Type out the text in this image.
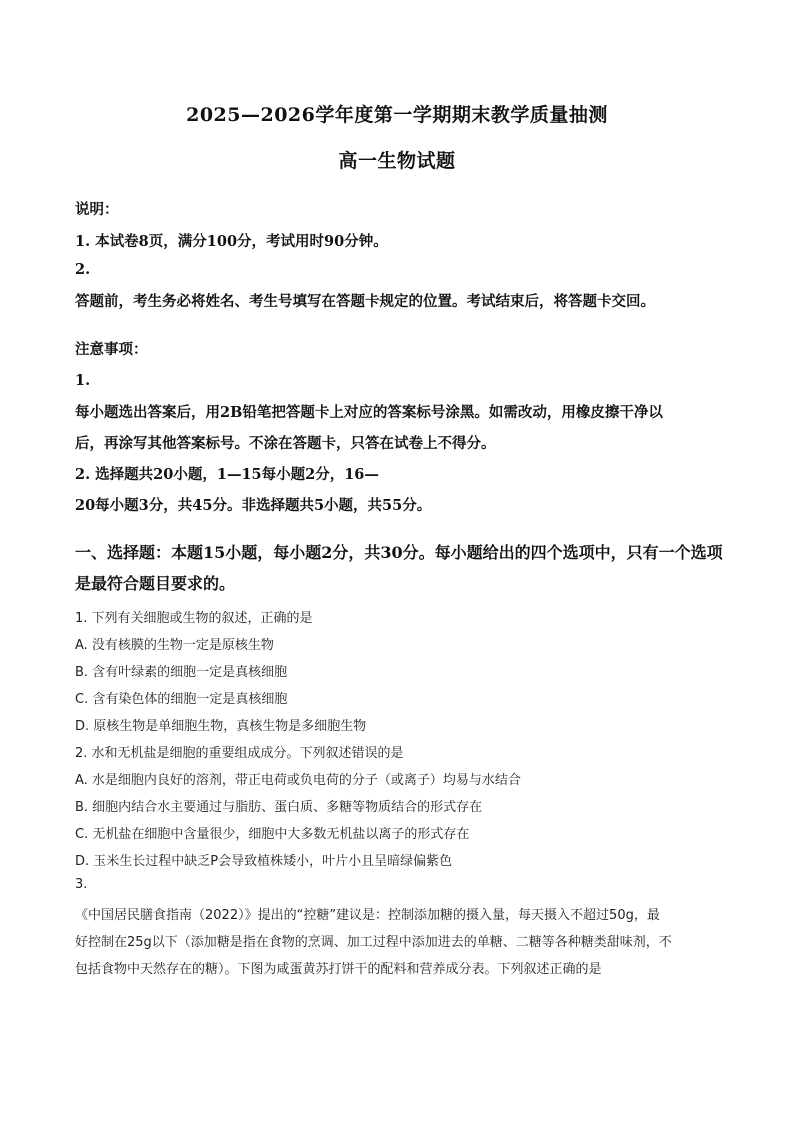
2025—2026学年度第一学期期末教学质量抽测
高一生物试题
说明：
1. 本试卷8页，满分100分，考试用时90分钟。
2.
答题前，考生务必将姓名、考生号填写在答题卡规定的位置。考试结束后，将答题卡交回。
注意事项：
1.
每小题选出答案后，用2B铅笔把答题卡上对应的答案标号涂黑。如需改动，用橡皮擦干净以
后，再涂写其他答案标号。不涂在答题卡，只答在试卷上不得分。
2. 选择题共20小题，1—15每小题2分，16—
20每小题3分，共45分。非选择题共5小题，共55分。
一、选择题：本题15小题，每小题2分，共30分。每小题给出的四个选项中，只有一个选项
是最符合题目要求的。
1. 下列有关细胞或生物的叙述，正确的是
A. 没有核膜的生物一定是原核生物
B. 含有叶绿素的细胞一定是真核细胞
C. 含有染色体的细胞一定是真核细胞
D. 原核生物是单细胞生物，真核生物是多细胞生物
2. 水和无机盐是细胞的重要组成成分。下列叙述错误的是
A. 水是细胞内良好的溶剂，带正电荷或负电荷的分子（或离子）均易与水结合
B. 细胞内结合水主要通过与脂肪、蛋白质、多糖等物质结合的形式存在
C. 无机盐在细胞中含量很少，细胞中大多数无机盐以离子的形式存在
D. 玉米生长过程中缺乏P会导致植株矮小，叶片小且呈暗绿偏紫色
3.
《中国居民膳食指南（2022）》提出的“控糖”建议是：控制添加糖的摄入量，每天摄入不超过50g，最
好控制在25g以下（添加糖是指在食物的烹调、加工过程中添加进去的单糖、二糖等各种糖类甜味剂，不
包括食物中天然存在的糖）。下图为咸蛋黄苏打饼干的配料和营养成分表。下列叙述正确的是
